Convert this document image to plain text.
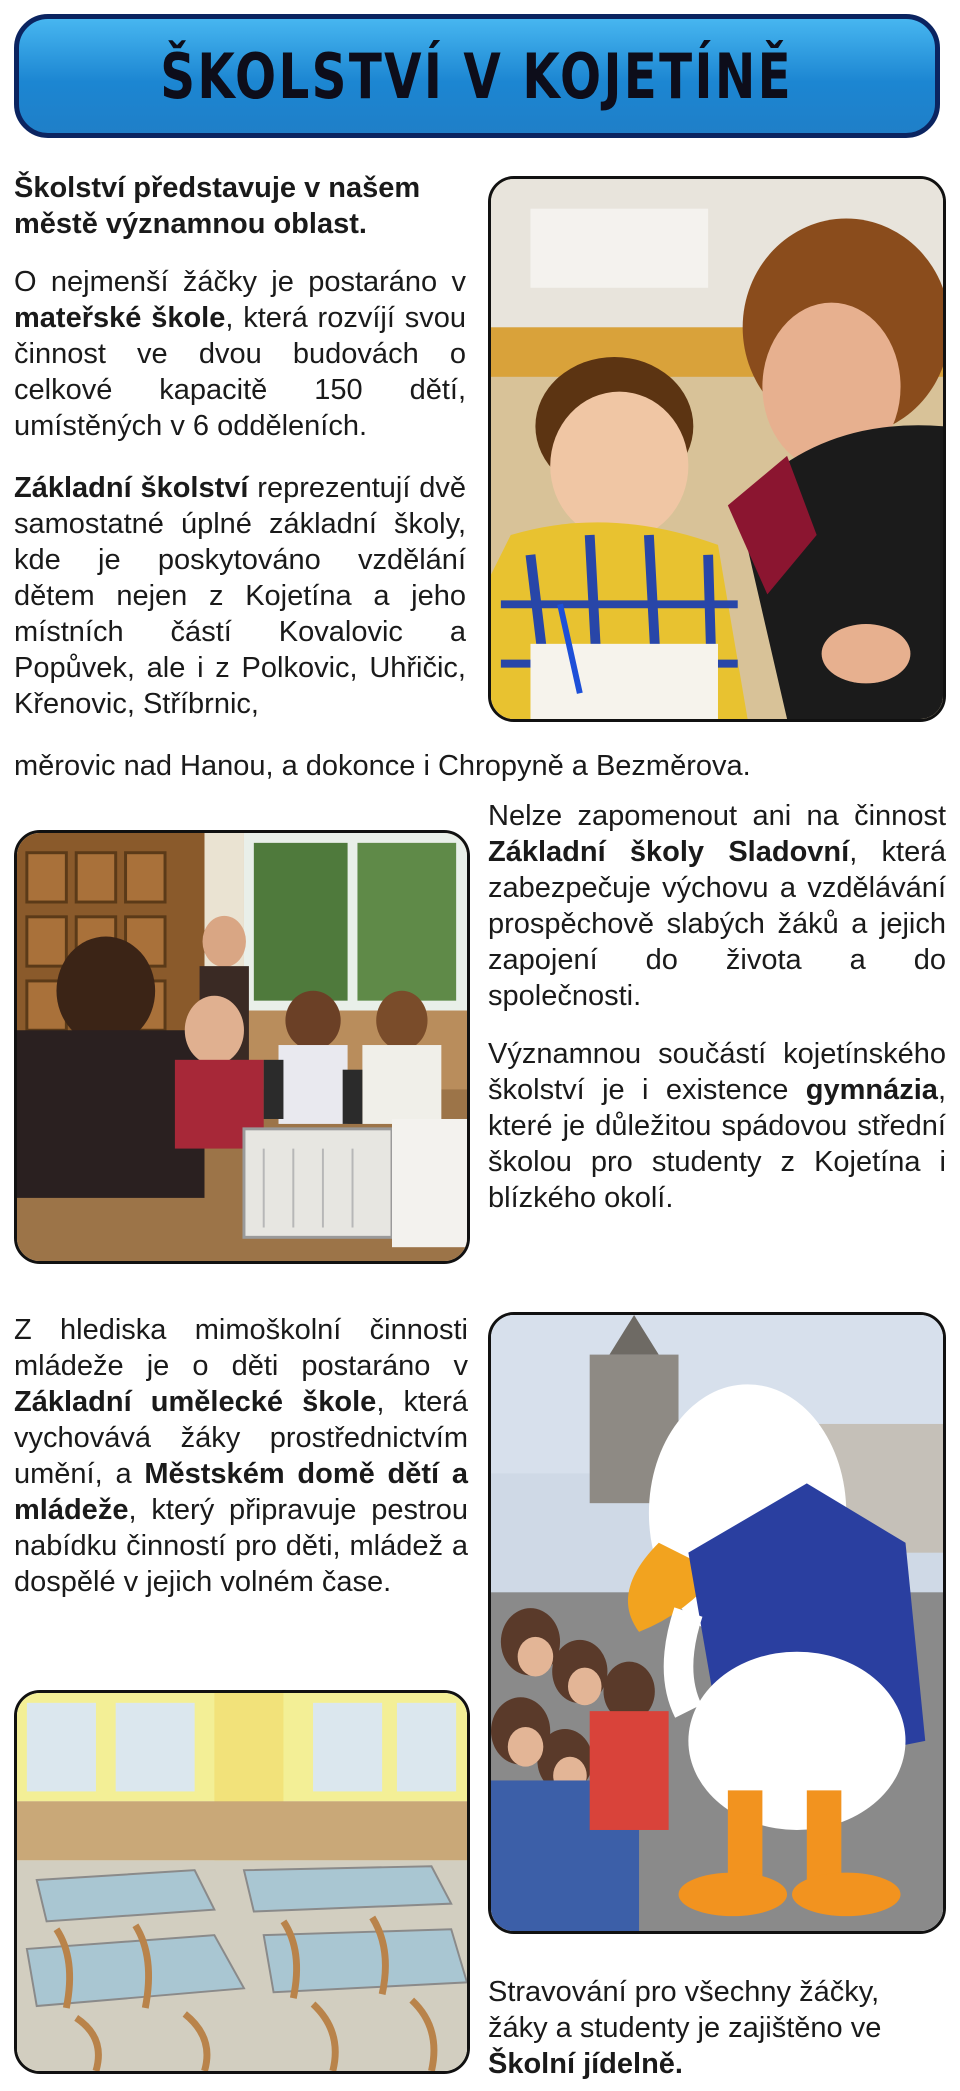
ŠKOLSTVÍ V KOJETÍNĚ

Školství představuje v našem městě významnou oblast.

O nejmenší žáčky je postaráno v mateřské škole, která rozvíjí svou činnost ve dvou budovách o celkové kapacitě 150 dětí, umístěných v 6 odděleních.

Základní školství reprezentují dvě samostatné úplné základní školy, kde je poskytováno vzdělání dětem nejen z Kojetína a jeho místních částí Kovalovic a Popůvek, ale i z Polkovic, Uhřičic, Křenovic, Stříbrnic,

měrovic nad Hanou, a dokonce i Chropyně a Bezměrova.

Nelze zapomenout ani na činnost Základní školy Sladovní, která zabezpečuje výchovu a vzdělávání prospěchově slabých žáků a jejich zapojení do života a do společnosti.

Významnou součástí kojetínského školství je i existence gymnázia, které je důležitou spádovou střední školou pro studenty z Kojetína i blízkého okolí.

Z hlediska mimoškolní činnosti mládeže je o děti postaráno v Základní umělecké škole, která vychovává žáky prostřednictvím umění, a Městském domě dětí a mládeže, který připravuje pestrou nabídku činností pro děti, mládež a dospělé v jejich volném čase.

Stravování pro všechny žáčky, žáky a studenty je zajištěno ve Školní jídelně.
